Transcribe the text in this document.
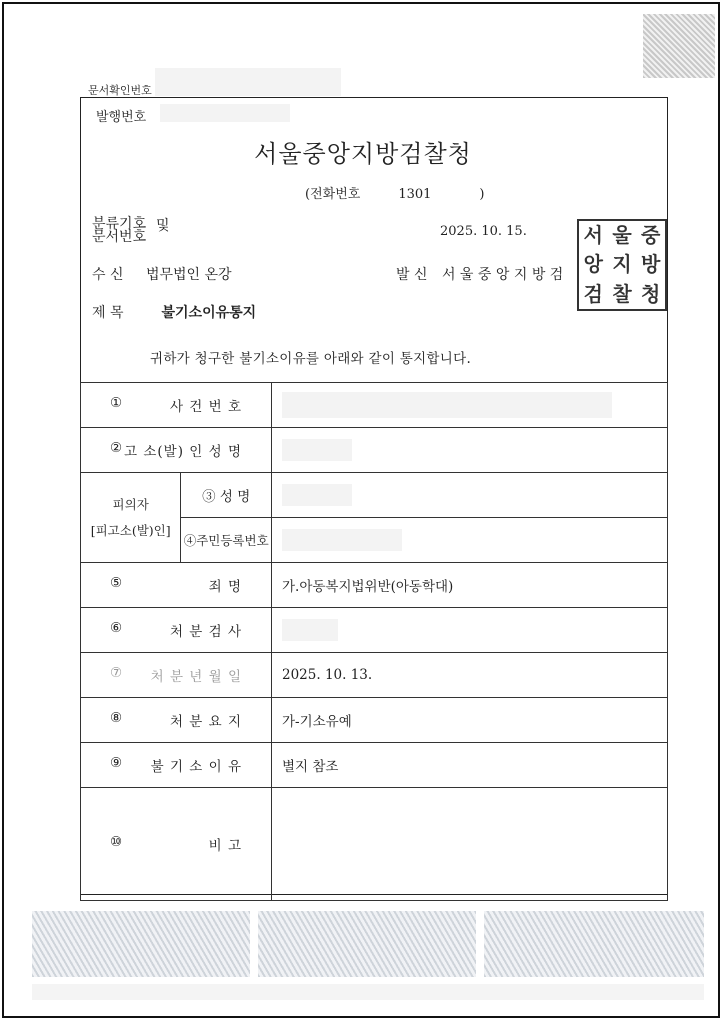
문서확인번호
발행번호
서울중앙지방검찰청
(전화번호	1301	)
분류기호
문서번호
및	2025. 10. 15.
수 신 법무법인 온강	발 신 서 울 중 앙 지 방 검
제 목	불기소이유통지
서 울 중
앙 지 방
검 찰 청
귀하가 청구한 불기소이유를 아래와 같이 통지합니다.
① 사 건 번 호		

② 고 소(발) 인 성 명		

피의자
[피고소(발)인]	③ 성 명	

	④주민등록번호	

⑤ 죄 명		가.아동복지법위반(아동학대)

⑥ 처 분 검 사		

⑦ 처 분 년 월 일		2025. 10. 13.

⑧ 처 분 요 지		가-기소유예

⑨ 불 기 소 이 유		별지 참조

⑩ 비 고		
